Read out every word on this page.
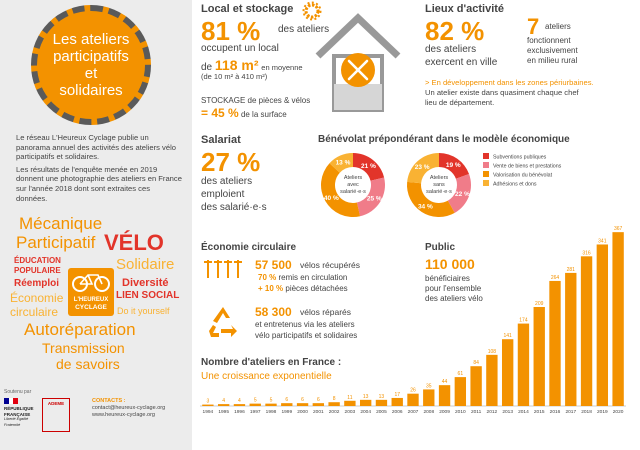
Les ateliers participatifs et solidaires

Le réseau L'Heureux Cyclage publie un panorama annuel des activités des ateliers vélo participatifs et solidaires.

Les résultats de l'enquête menée en 2019 donnent une photographie des ateliers en France sur l'année 2018 dont sont extraites ces données.

L'HEUREUX
CYCLAGE
Mécanique
Participatif VÉLO
ÉDUCATION
POPULAIRE	Solidaire
Réemploi
Économie
circulaire
Diversité
LIEN SOCIAL
Do it yourself
Autoréparation
Transmission
de savoirs
Soutenu par
RÉPUBLIQUE FRANÇAISE
Liberté Égalité Fraternité
ADEME	CONTACTS :
contact@heureux-cyclage.org
www.heureux-cyclage.org
Local et stockage
81 % des ateliers
occupent un local
de 118 m² en moyenne
(de 10 m² à 410 m²)
STOCKAGE de pièces & vélos
= 45 % de la surface
Lieux d'activité
82 %
des ateliers
exercent en ville
7 ateliers
fonctionnent
exclusivement
en milieu rural
> En développement dans les zones périurbaines.
Un atelier existe dans quasiment chaque chef
lieu de département.
Salariat
27 %
des ateliers
emploient
des salarié·e·s
Bénévolat prépondérant dans le modèle économique
21 %
25 %
40 %
13 %
Ateliers
avec
salarié·e·s
19 %
22 %
34 %
23 %
Ateliers
sans
salarié·e·s
Subventions publiques
Vente de biens et prestations
Valorisation du bénévolat
Adhésions et dons
Économie circulaire
57 500 vélos récupérés
70 % remis en circulation
+ 10 % pièces détachées
58 300 vélos réparés
et entretenus via les ateliers
vélo participatifs et solidaires
Public
110 000
bénéficiaires
pour l'ensemble
des ateliers vélo
Nombre d'ateliers en France :
Une croissance exponentielle
3
1994
4
1995
4
1996
5
1997
5
1998
6
1999
6
2000
6
2001
8
2002
11
2003
13
2004
13
2005
17
2006
26
2007
35
2008
44
2009
61
2010
84
2011
108
2012
141
2013
174
2014
209
2015
264
2016
281
2017
316
2018
341
2019
367
2020
